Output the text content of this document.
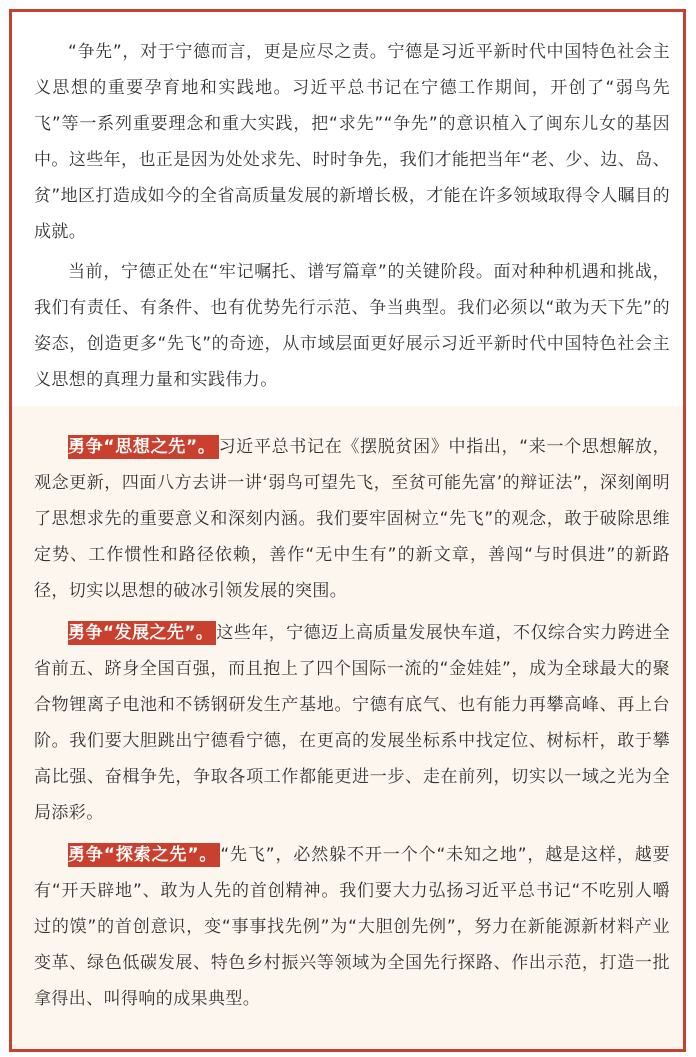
“争先”，对于宁德而言，更是应尽之责。宁德是习近平新时代中国特色社会主义思想的重要孕育地和实践地。习近平总书记在宁德工作期间，开创了“弱鸟先飞”等一系列重要理念和重大实践，把“求先”“争先”的意识植入了闽东儿女的基因中。这些年，也正是因为处处求先、时时争先，我们才能把当年“老、少、边、岛、贫”地区打造成如今的全省高质量发展的新增长极，才能在许多领域取得令人瞩目的成就。

当前，宁德正处在“牢记嘱托、谱写篇章”的关键阶段。面对种种机遇和挑战，我们有责任、有条件、也有优势先行示范、争当典型。我们必须以“敢为天下先”的姿态，创造更多“先飞”的奇迹，从市域层面更好展示习近平新时代中国特色社会主义思想的真理力量和实践伟力。

勇争“思想之先”。 习近平总书记在《摆脱贫困》中指出，“来一个思想解放，观念更新，四面八方去讲一讲‘弱鸟可望先飞，至贫可能先富’的辩证法”，深刻阐明了思想求先的重要意义和深刻内涵。我们要牢固树立“先飞”的观念，敢于破除思维定势、工作惯性和路径依赖，善作“无中生有”的新文章，善闯“与时俱进”的新路径，切实以思想的破冰引领发展的突围。

勇争“发展之先”。 这些年，宁德迈上高质量发展快车道，不仅综合实力跨进全省前五、跻身全国百强，而且抱上了四个国际一流的“金娃娃”，成为全球最大的聚合物锂离子电池和不锈钢研发生产基地。宁德有底气、也有能力再攀高峰、再上台阶。我们要大胆跳出宁德看宁德，在更高的发展坐标系中找定位、树标杆，敢于攀高比强、奋楫争先，争取各项工作都能更进一步、走在前列，切实以一域之光为全局添彩。

勇争“探索之先”。 “先飞”，必然躲不开一个个“未知之地”，越是这样，越要有“开天辟地”、敢为人先的首创精神。我们要大力弘扬习近平总书记“不吃别人嚼过的馍”的首创意识，变“事事找先例”为“大胆创先例”，努力在新能源新材料产业变革、绿色低碳发展、特色乡村振兴等领域为全国先行探路、作出示范，打造一批拿得出、叫得响的成果典型。
